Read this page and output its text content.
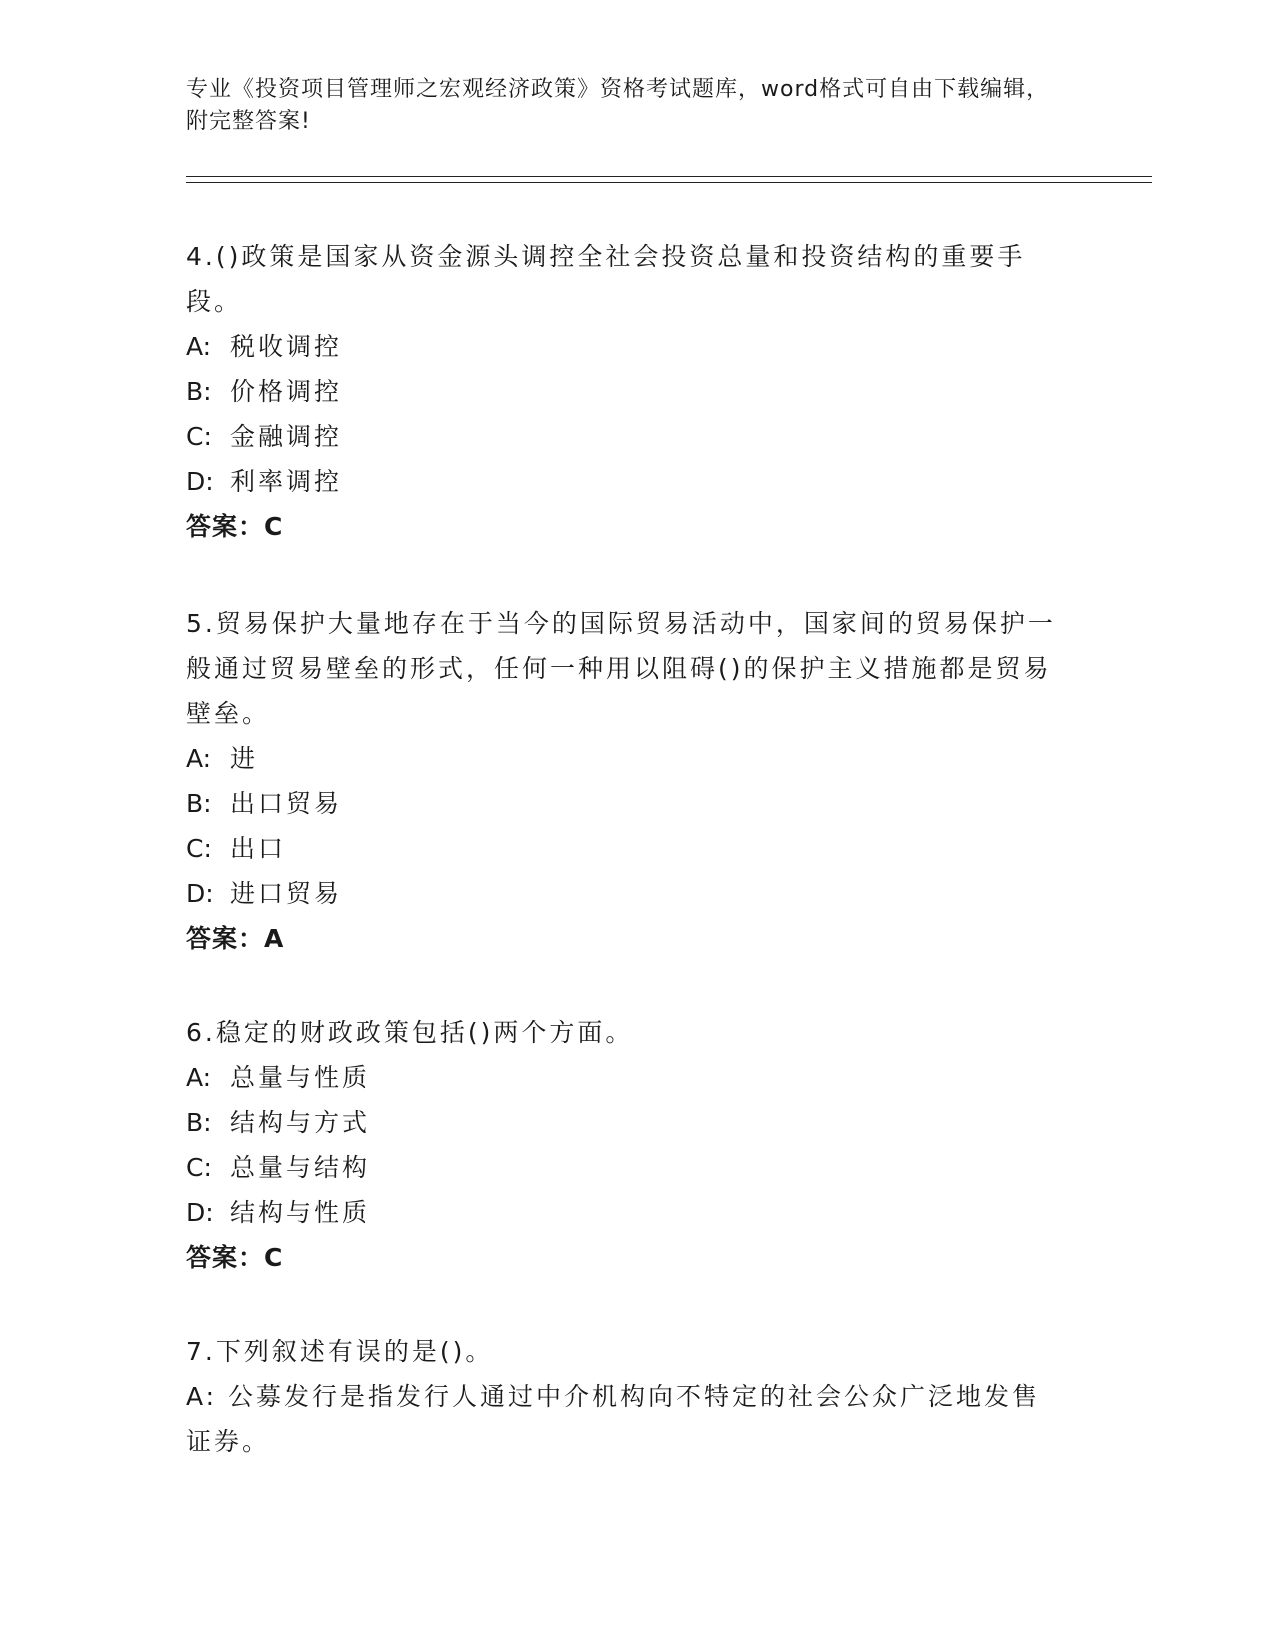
专业《投资项目管理师之宏观经济政策》资格考试题库，word格式可自由下载编辑，附完整答案!
4.()政策是国家从资金源头调控全社会投资总量和投资结构的重要手段。
A: 税收调控
B: 价格调控
C: 金融调控
D: 利率调控
答案：C
5.贸易保护大量地存在于当今的国际贸易活动中，国家间的贸易保护一般通过贸易壁垒的形式，任何一种用以阻碍()的保护主义措施都是贸易壁垒。
A: 进
B: 出口贸易
C: 出口
D: 进口贸易
答案：A
6.稳定的财政政策包括()两个方面。
A: 总量与性质
B: 结构与方式
C: 总量与结构
D: 结构与性质
答案：C
7.下列叙述有误的是()。
A: 公募发行是指发行人通过中介机构向不特定的社会公众广泛地发售证券。
